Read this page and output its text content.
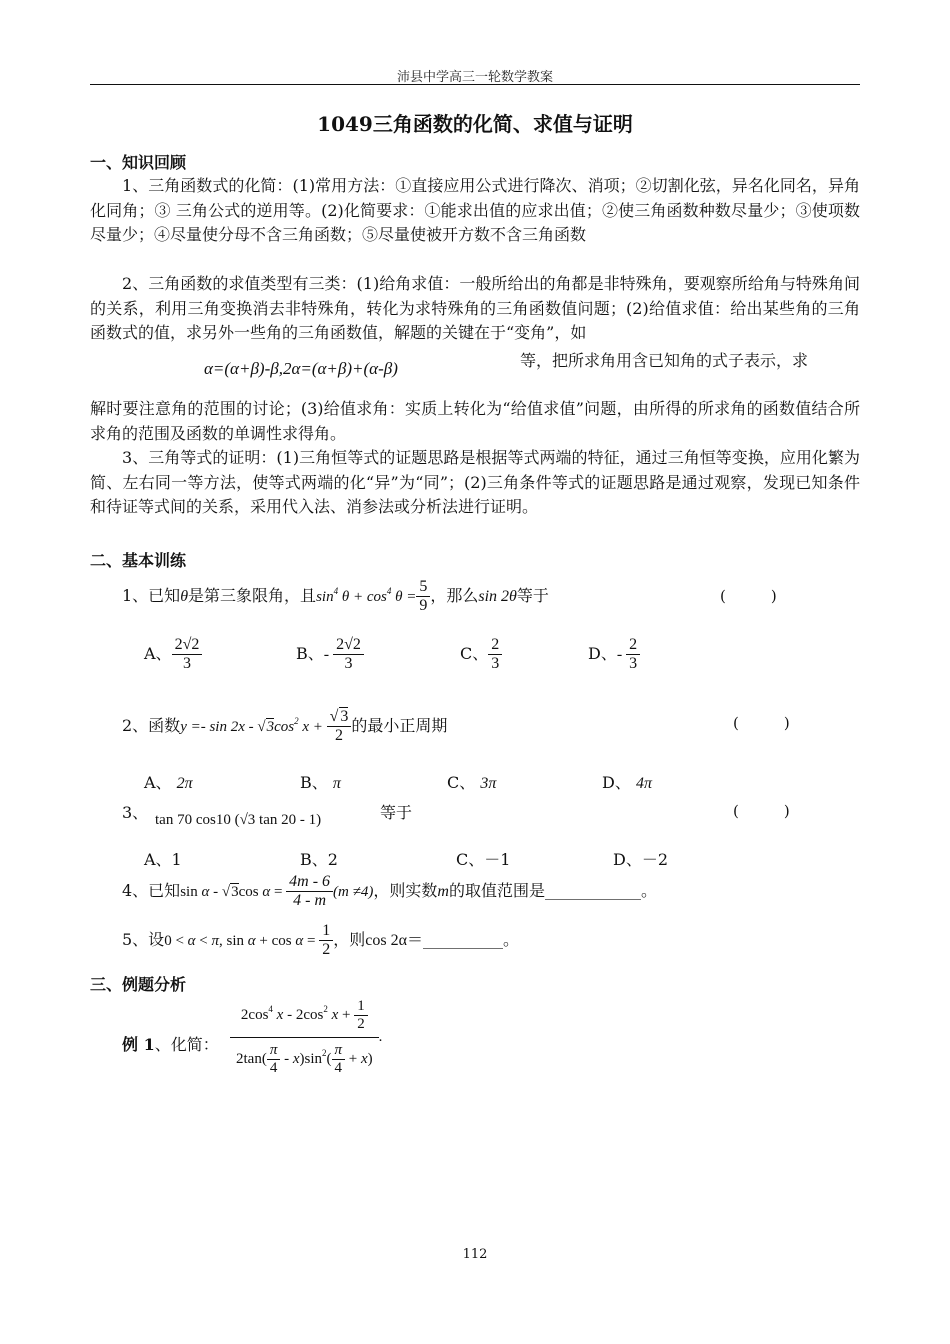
沛县中学高三一轮数学教案
1049三角函数的化简、求值与证明
一、知识回顾
1、三角函数式的化简：(1)常用方法：①直接应用公式进行降次、消项；②切割化弦，异名化同名，异角化同角；③ 三角公式的逆用等。(2)化简要求：①能求出值的应求出值；②使三角函数种数尽量少；③使项数尽量少；④尽量使分母不含三角函数；⑤尽量使被开方数不含三角函数
2、三角函数的求值类型有三类：(1)给角求值：一般所给出的角都是非特殊角，要观察所给角与特殊角间的关系，利用三角变换消去非特殊角，转化为求特殊角的三角函数值问题；(2)给值求值：给出某些角的三角函数式的值，求另外一些角的三角函数值，解题的关键在于“变角”，如
α=(α+β)-β,2α=(α+β)+(α-β)	等，把所求角用含已知角的式子表示，求
解时要注意角的范围的讨论；(3)给值求角：实质上转化为“给值求值”问题，由所得的所求角的函数值结合所求角的范围及函数的单调性求得角。
3、三角等式的证明：(1)三角恒等式的证题思路是根据等式两端的特征，通过三角恒等变换，应用化繁为简、左右同一等方法，使等式两端的化“异”为“同”；(2)三角条件等式的证题思路是通过观察，发现已知条件和待证等式间的关系，采用代入法、消参法或分析法进行证明。
二、基本训练
1、已知θ是第三象限角，且$\sin^4 \theta + \cos^4 \theta = \frac{5}{9}$ ，那么sin 2θ等于	(　　　)
A、 $\frac{2√2}{3}$	B、- $\frac{2√2}{3}$	C、 $\frac{2}{3}$	D、- $\frac{2}{3}$
2、函数$y =- \sin 2x - √3\cos^2$ $x + \frac{√ 3}{2}$ 的最小正周期	(　　　)
A、 2π	B、 π	C、 3π	D、 4π
3、 tan 70 cos10 (√3 tan 20 - 1)	等于	(　　　)
A、1	B、2	C、－1	D、－2
4、已知sin α - √3cos $\alpha = \frac{4m - 6}{4 - m} (m \ne 4)$，则实数m的取值范围是____________。
5、设0 < α < π, $\sin \alpha + \cos \alpha = \frac{1}{2}$ ，则cos 2α＝__________。
三、例题分析
例 1、化简： $\frac{2\cos^4 x - 2\cos^2 x + \frac{1}{2}}{2\tan( \frac{\pi}{4} - x)\sin^2( \frac{\pi}{4} + x)}$ .
112
